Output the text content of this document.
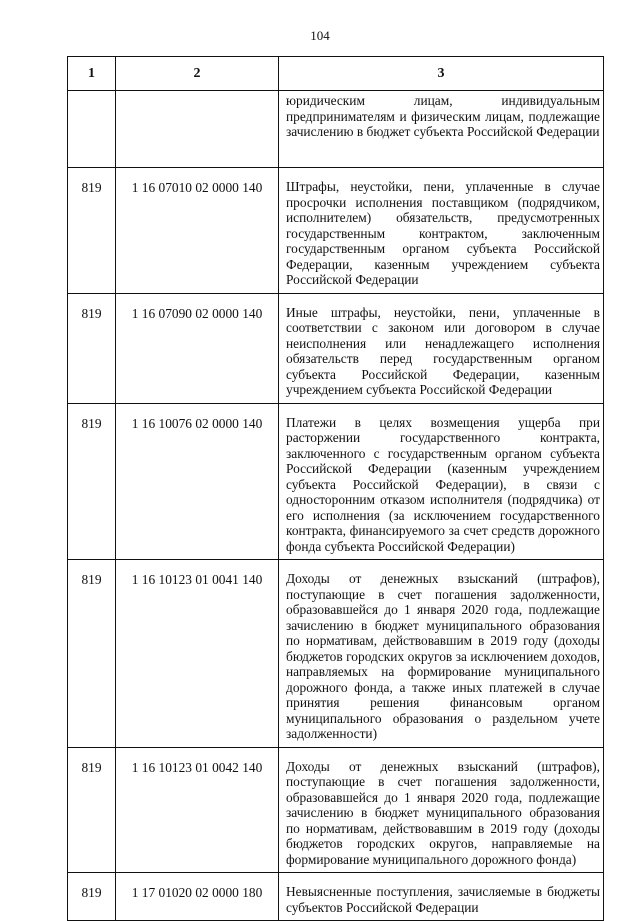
104
1	2	3
		юридическим лицам, индивидуальным предпринимателям и физическим лицам, подлежащие зачислению в бюджет субъекта Российской Федерации
819	1 16 07010 02 0000 140	Штрафы, неустойки, пени, уплаченные в случае просрочки исполнения поставщиком (подрядчиком, исполнителем) обязательств, предусмотренных государственным контрактом, заключенным государственным органом субъекта Российской Федерации, казенным учреждением субъекта Российской Федерации
819	1 16 07090 02 0000 140	Иные штрафы, неустойки, пени, уплаченные в соответствии с законом или договором в случае неисполнения или ненадлежащего исполнения обязательств перед государственным органом субъекта Российской Федерации, казенным учреждением субъекта Российской Федерации
819	1 16 10076 02 0000 140	Платежи в целях возмещения ущерба при расторжении государственного контракта, заключенного с государственным органом субъекта Российской Федерации (казенным учреждением субъекта Российской Федерации), в связи с односторонним отказом исполнителя (подрядчика) от его исполнения (за исключением государственного контракта, финансируемого за счет средств дорожного фонда субъекта Российской Федерации)
819	1 16 10123 01 0041 140	Доходы от денежных взысканий (штрафов), поступающие в счет погашения задолженности, образовавшейся до 1 января 2020 года, подлежащие зачислению в бюджет муниципального образования по нормативам, действовавшим в 2019 году (доходы бюджетов городских округов за исключением доходов, направляемых на формирование муниципального дорожного фонда, а также иных платежей в случае принятия решения финансовым органом муниципального образования о раздельном учете задолженности)
819	1 16 10123 01 0042 140	Доходы от денежных взысканий (штрафов), поступающие в счет погашения задолженности, образовавшейся до 1 января 2020 года, подлежащие зачислению в бюджет муниципального образования по нормативам, действовавшим в 2019 году (доходы бюджетов городских округов, направляемые на формирование муниципального дорожного фонда)
819	1 17 01020 02 0000 180	Невыясненные поступления, зачисляемые в бюджеты субъектов Российской Федерации
